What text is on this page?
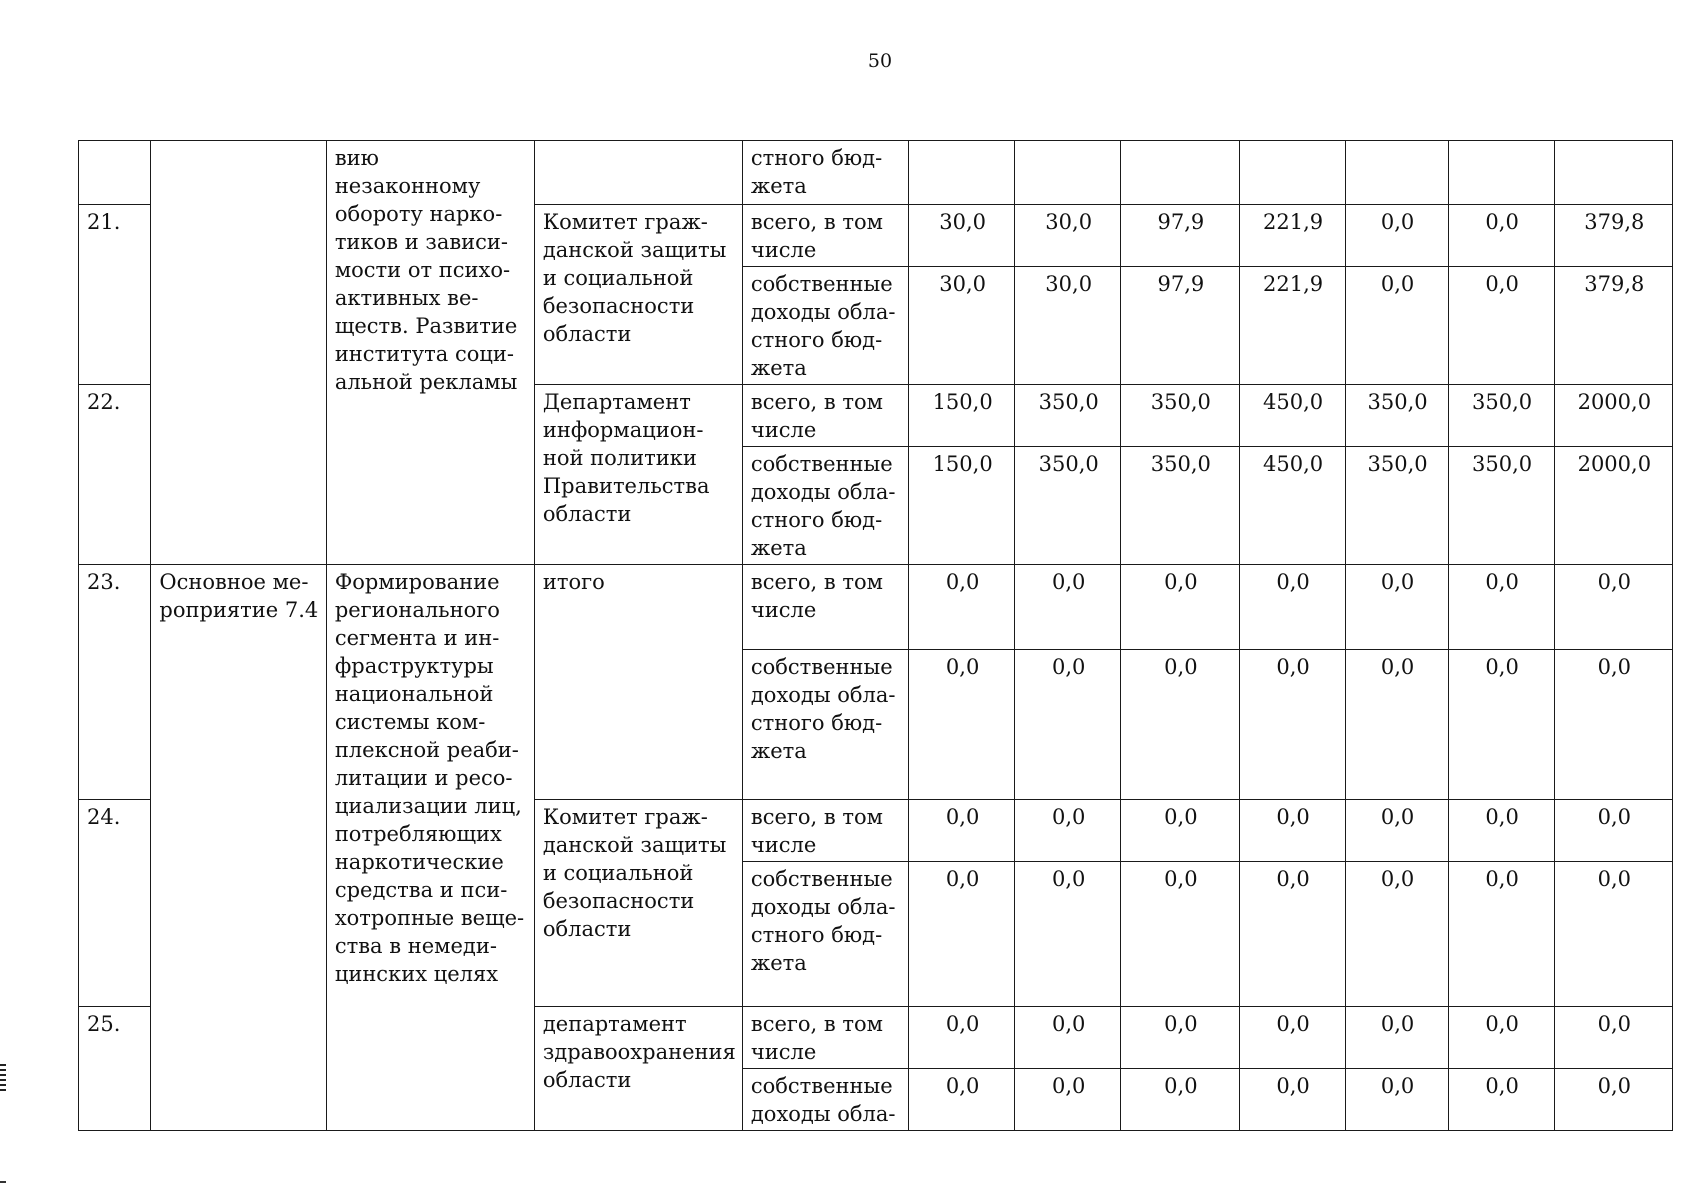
50
		вию незаконному обороту нарко-тиков и зависи-мости от психо-активных ве-ществ. Развитие института соци-альной рекламы		стного бюд-жета							
21.			Комитет граж-данской защиты и социальной безопасности области	всего, в том числе	30,0	30,0	97,9	221,9	0,0	0,0	379,8
				собственные доходы обла-стного бюд-жета	30,0	30,0	97,9	221,9	0,0	0,0	379,8
22.			Департамент информацион-ной политики Правительства области	всего, в том числе	150,0	350,0	350,0	450,0	350,0	350,0	2000,0
				собственные доходы обла-стного бюд-жета	150,0	350,0	350,0	450,0	350,0	350,0	2000,0
23.	Основное ме-роприятие 7.4	Формирование регионального сегмента и ин-фраструктуры национальной системы ком-плексной реаби-литации и ресо-циализации лиц, потребляющих наркотические средства и пси-хотропные веще-ства в немеди-цинских целях	итого	всего, в том числе	0,0	0,0	0,0	0,0	0,0	0,0	0,0
				собственные доходы обла-стного бюд-жета	0,0	0,0	0,0	0,0	0,0	0,0	0,0
24.			Комитет граж-данской защиты и социальной безопасности области	всего, в том числе	0,0	0,0	0,0	0,0	0,0	0,0	0,0
				собственные доходы обла-стного бюд-жета	0,0	0,0	0,0	0,0	0,0	0,0	0,0
25.			департамент здравоохранения области	всего, в том числе	0,0	0,0	0,0	0,0	0,0	0,0	0,0
				собственные доходы обла-	0,0	0,0	0,0	0,0	0,0	0,0	0,0
